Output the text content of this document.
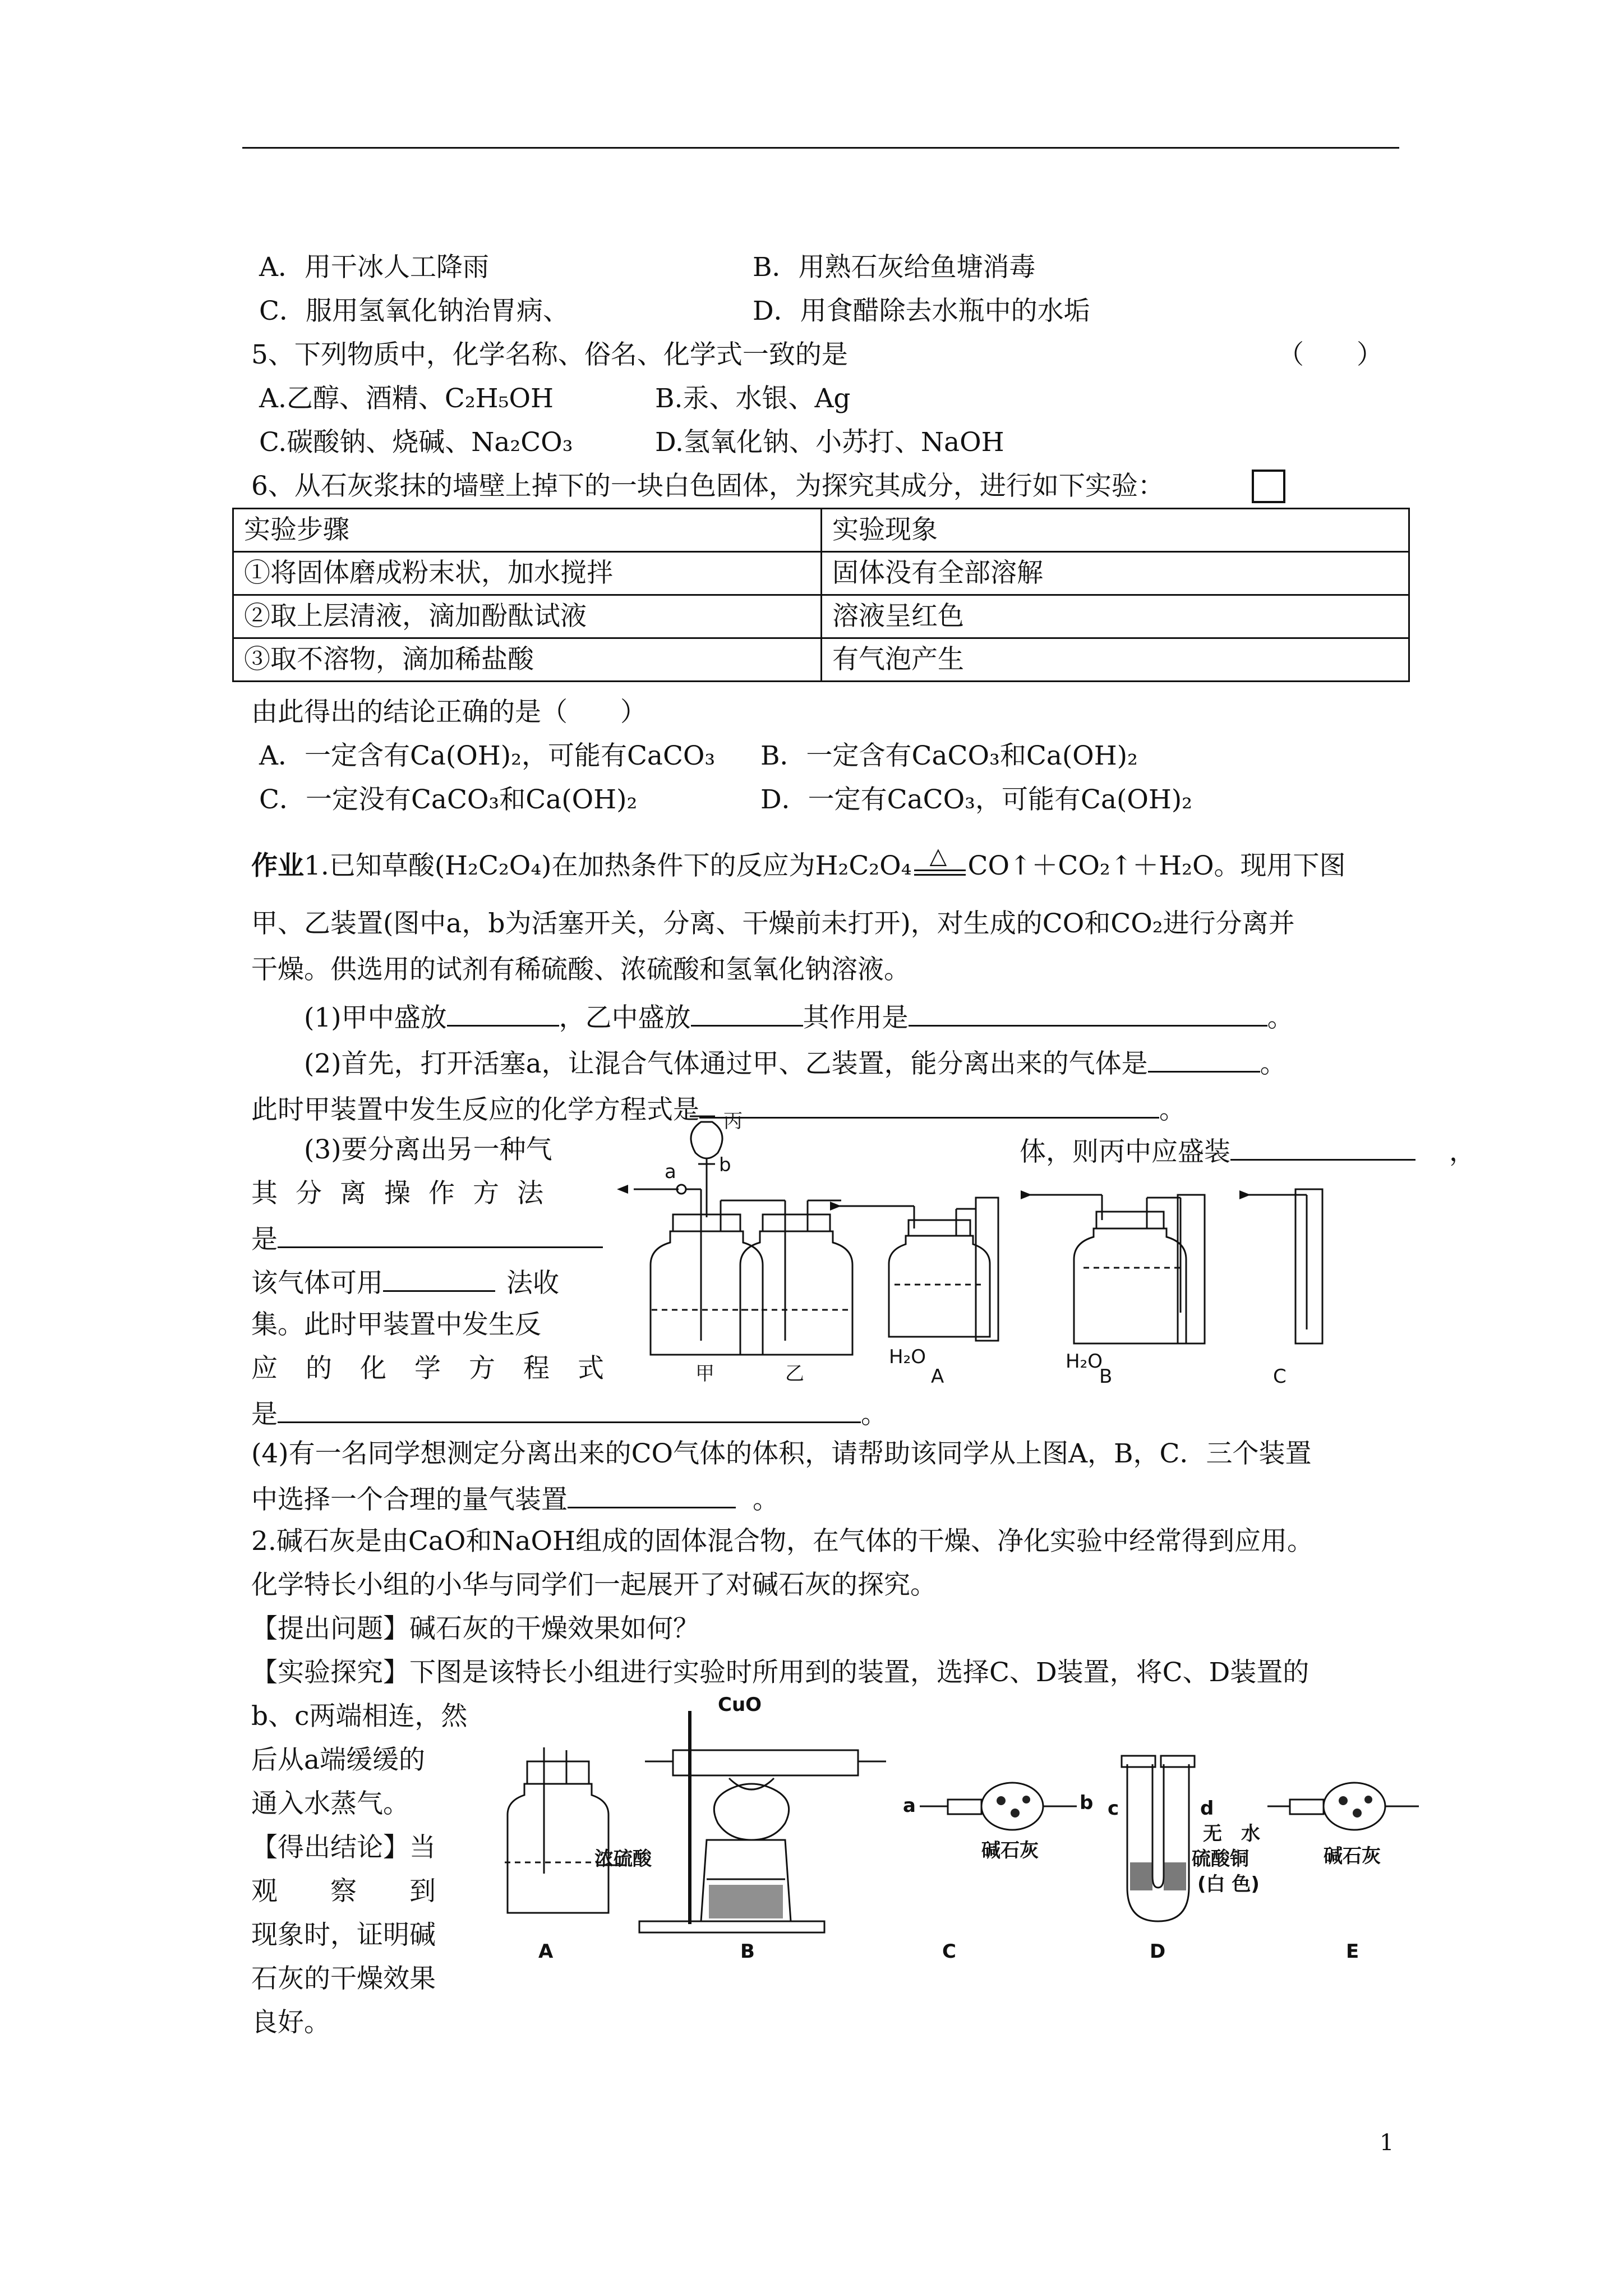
A．用干冰人工降雨	B．用熟石灰给鱼塘消毒
C．服用氢氧化钠治胃病、	D．用食醋除去水瓶中的水垢
5、下列物质中，化学名称、俗名、化学式一致的是	（　　）
A.乙醇、酒精、C₂H₅OH	B.汞、水银、Ag
C.碳酸钠、烧碱、Na₂CO₃	D.氢氧化钠、小苏打、NaOH
6、从石灰浆抹的墙壁上掉下的一块白色固体，为探究其成分，进行如下实验：
实验步骤	实验现象
①将固体磨成粉末状，加水搅拌	固体没有全部溶解
②取上层清液，滴加酚酞试液	溶液呈红色
③取不溶物，滴加稀盐酸	有气泡产生
由此得出的结论正确的是（　　）
A．一定含有Ca(OH)₂，可能有CaCO₃ B．一定含有CaCO₃和Ca(OH)₂
C．一定没有CaCO₃和Ca(OH)₂	D．一定有CaCO₃，可能有Ca(OH)₂
作业1.已知草酸(H₂C₂O₄)在加热条件下的反应为H₂C₂O₄ △ CO↑＋CO₂↑＋H₂O。现用下图
甲、乙装置(图中a，b为活塞开关，分离、干燥前未打开)，对生成的CO和CO₂进行分离并
干燥。供选用的试剂有稀硫酸、浓硫酸和氢氧化钠溶液。
(1)甲中盛放	，乙中盛放	其作用是	。
(2)首先，打开活塞a，让混合气体通过甲、乙装置，能分离出来的气体是	。
此时甲装置中发生反应的化学方程式是	。
(3)要分离出另一种气	体，则丙中应盛装	，
其分离操作方法
是
该气体可用	法收
集。此时甲装置中发生反
应的化学方程式
是	。
丙
a b
甲	乙
H₂O
A
H₂O
B	C
(4)有一名同学想测定分离出来的CO气体的体积，请帮助该同学从上图A，B，C．三个装置
中选择一个合理的量气装置	。
2.碱石灰是由CaO和NaOH组成的固体混合物，在气体的干燥、净化实验中经常得到应用。
化学特长小组的小华与同学们一起展开了对碱石灰的探究。
【提出问题】碱石灰的干燥效果如何？
【实验探究】下图是该特长小组进行实验时所用到的装置，选择C、D装置，将C、D装置的
b、c两端相连，然
后从a端缓缓的
通入水蒸气。
【得出结论】当
观　　察　　到
现象时，证明碱
石灰的干燥效果
良好。
CuO
浓硫酸
a	b
碱石灰
c	d
无　水
硫酸铜
(白 色)
碱石灰
A	B	C	D	E
1
